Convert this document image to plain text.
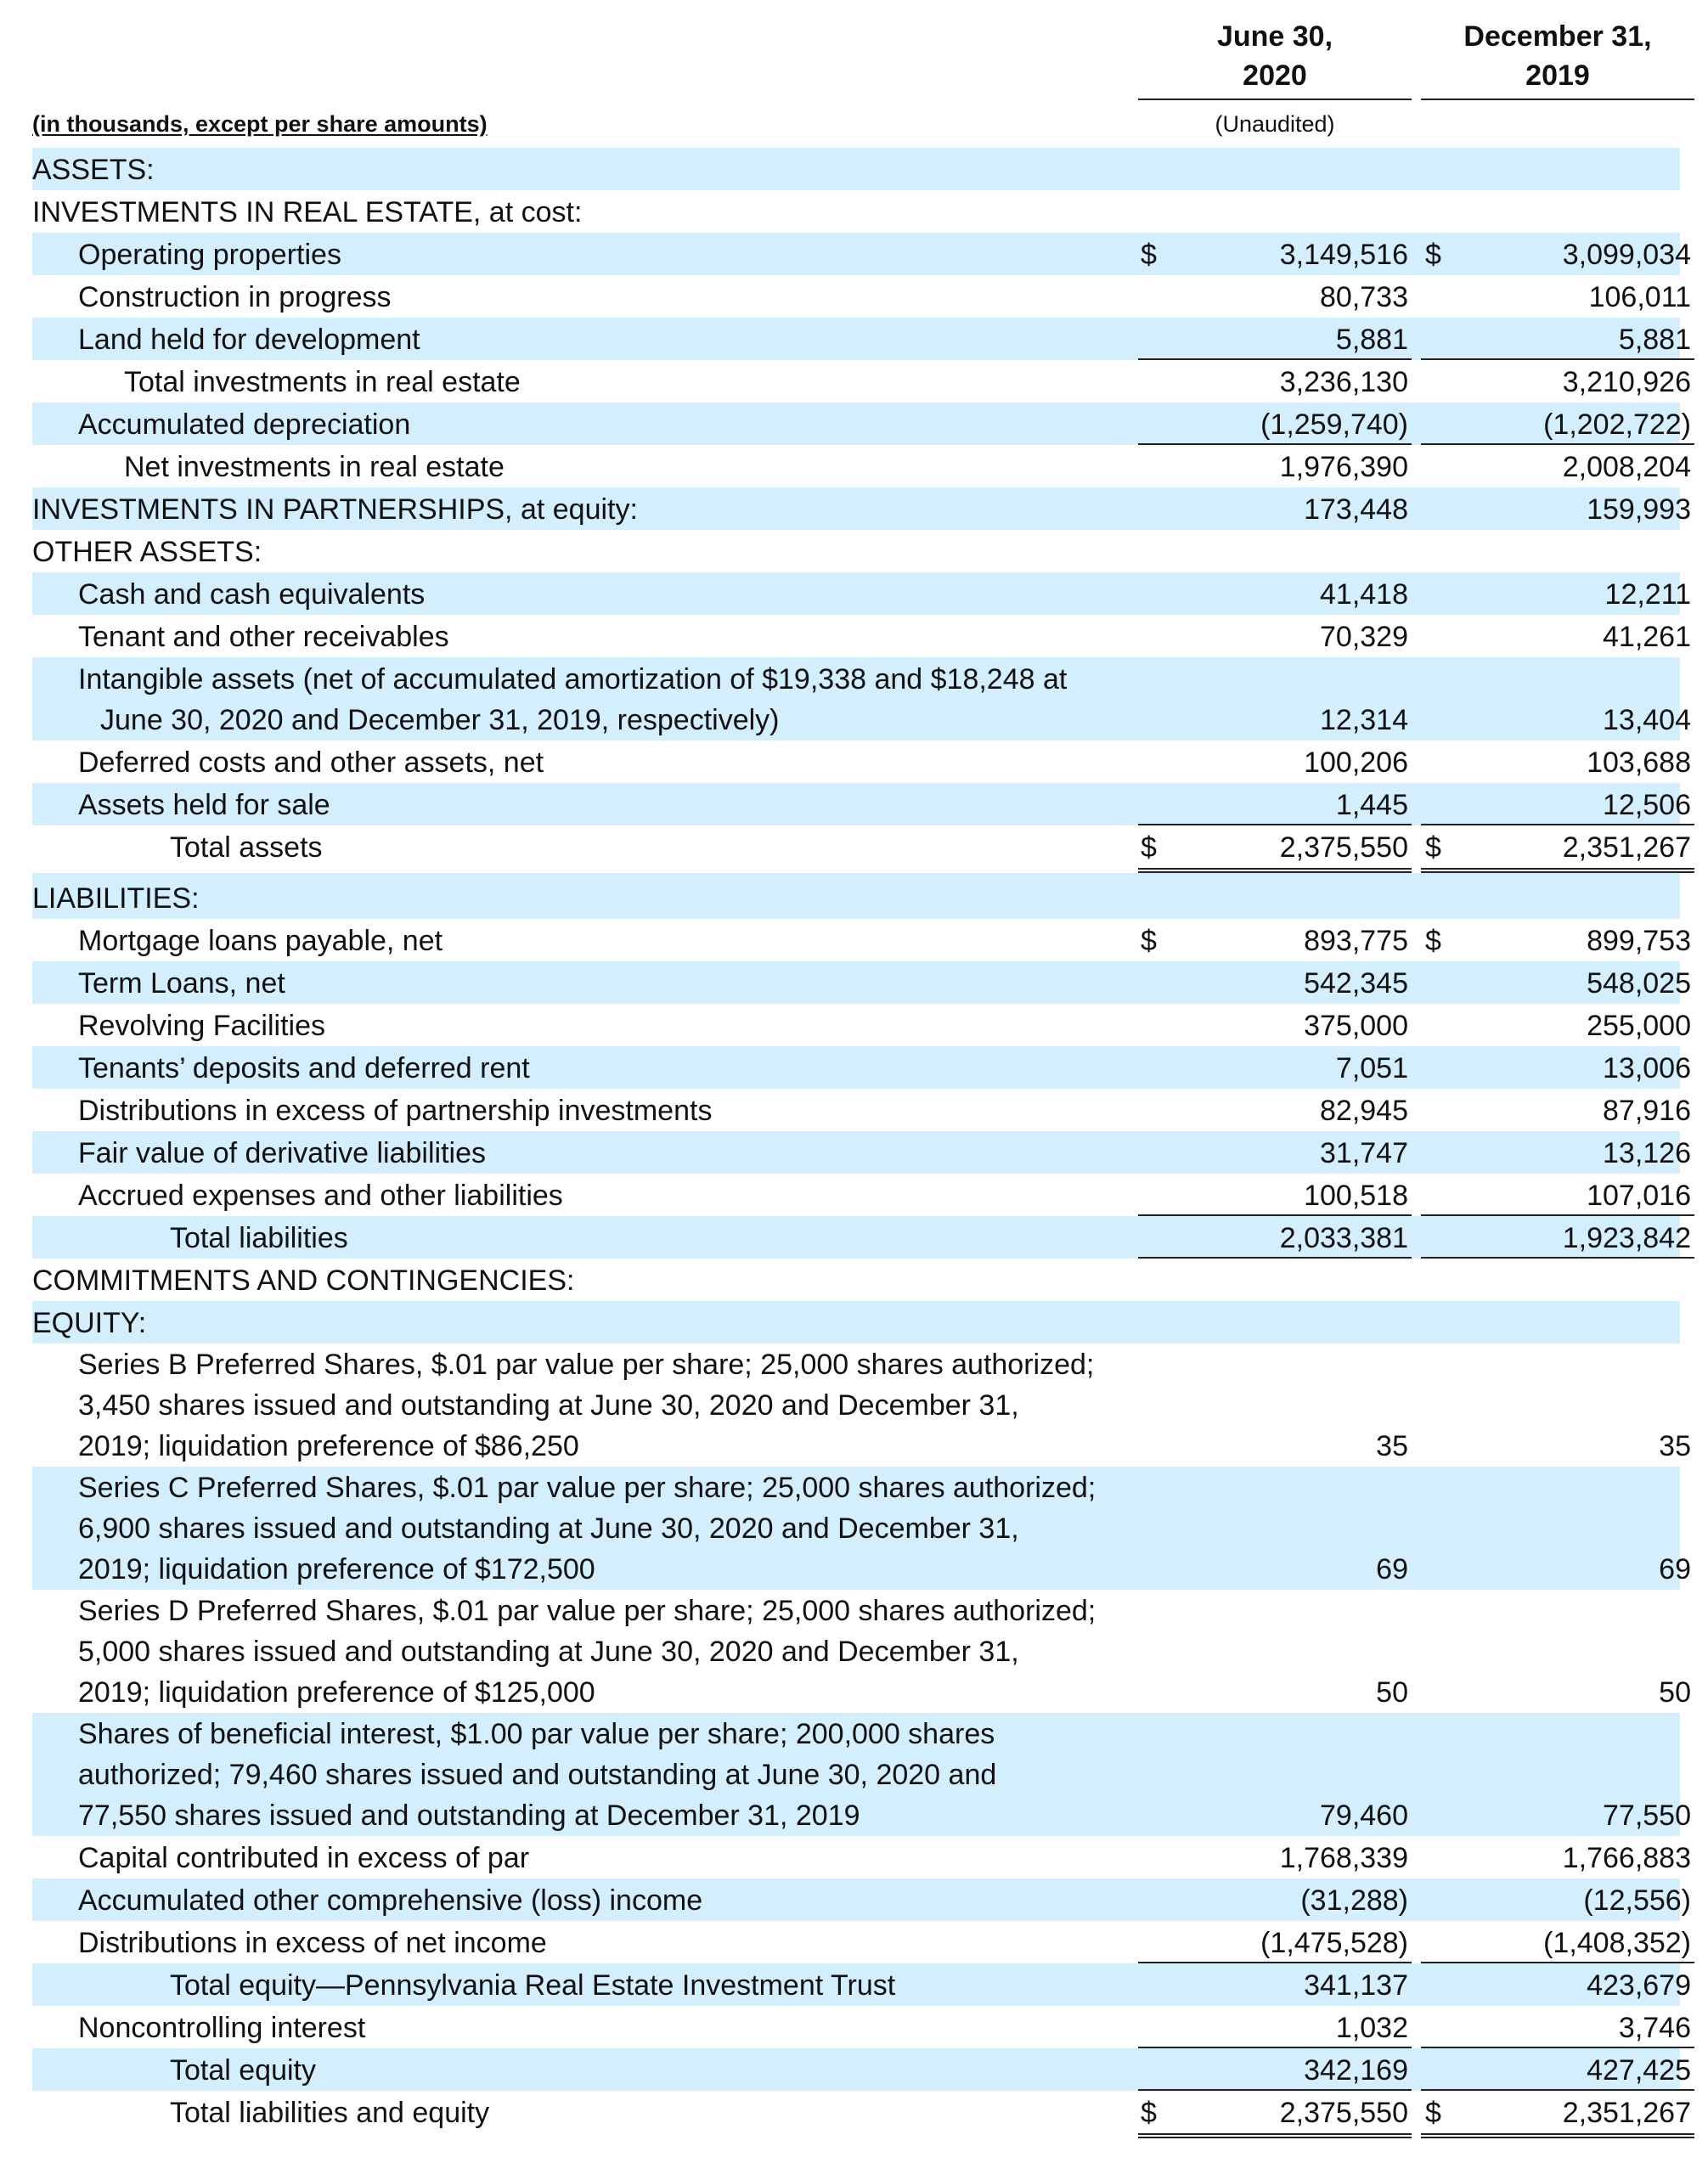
June 30,
2020
December 31,
2019
(in thousands, except per share amounts)	(Unaudited)
ASSETS:
INVESTMENTS IN REAL ESTATE, at cost:
Operating properties	$	3,149,516 $	3,099,034
Construction in progress	80,733	106,011
Land held for development	5,881	5,881
Total investments in real estate	3,236,130	3,210,926
Accumulated depreciation	(1,259,740)	(1,202,722)
Net investments in real estate	1,976,390	2,008,204
INVESTMENTS IN PARTNERSHIPS, at equity:	173,448	159,993
OTHER ASSETS:
Cash and cash equivalents	41,418	12,211
Tenant and other receivables	70,329	41,261
Intangible assets (net of accumulated amortization of $19,338 and $18,248 at
June 30, 2020 and December 31, 2019, respectively)	12,314	13,404
Deferred costs and other assets, net	100,206	103,688
Assets held for sale	1,445	12,506
Total assets	$	2,375,550 $	2,351,267
LIABILITIES:
Mortgage loans payable, net	$	893,775 $	899,753
Term Loans, net	542,345	548,025
Revolving Facilities	375,000	255,000
Tenants’ deposits and deferred rent	7,051	13,006
Distributions in excess of partnership investments	82,945	87,916
Fair value of derivative liabilities	31,747	13,126
Accrued expenses and other liabilities	100,518	107,016
Total liabilities	2,033,381	1,923,842
COMMITMENTS AND CONTINGENCIES:
EQUITY:
Series B Preferred Shares, $.01 par value per share; 25,000 shares authorized;
3,450 shares issued and outstanding at June 30, 2020 and December 31,
2019; liquidation preference of $86,250	35	35
Series C Preferred Shares, $.01 par value per share; 25,000 shares authorized;
6,900 shares issued and outstanding at June 30, 2020 and December 31,
2019; liquidation preference of $172,500	69	69
Series D Preferred Shares, $.01 par value per share; 25,000 shares authorized;
5,000 shares issued and outstanding at June 30, 2020 and December 31,
2019; liquidation preference of $125,000	50	50
Shares of beneficial interest, $1.00 par value per share; 200,000 shares
authorized; 79,460 shares issued and outstanding at June 30, 2020 and
77,550 shares issued and outstanding at December 31, 2019	79,460	77,550
Capital contributed in excess of par	1,768,339	1,766,883
Accumulated other comprehensive (loss) income	(31,288)	(12,556)
Distributions in excess of net income	(1,475,528)	(1,408,352)
Total equity—Pennsylvania Real Estate Investment Trust	341,137	423,679
Noncontrolling interest	1,032	3,746
Total equity	342,169	427,425
Total liabilities and equity	$	2,375,550 $	2,351,267
